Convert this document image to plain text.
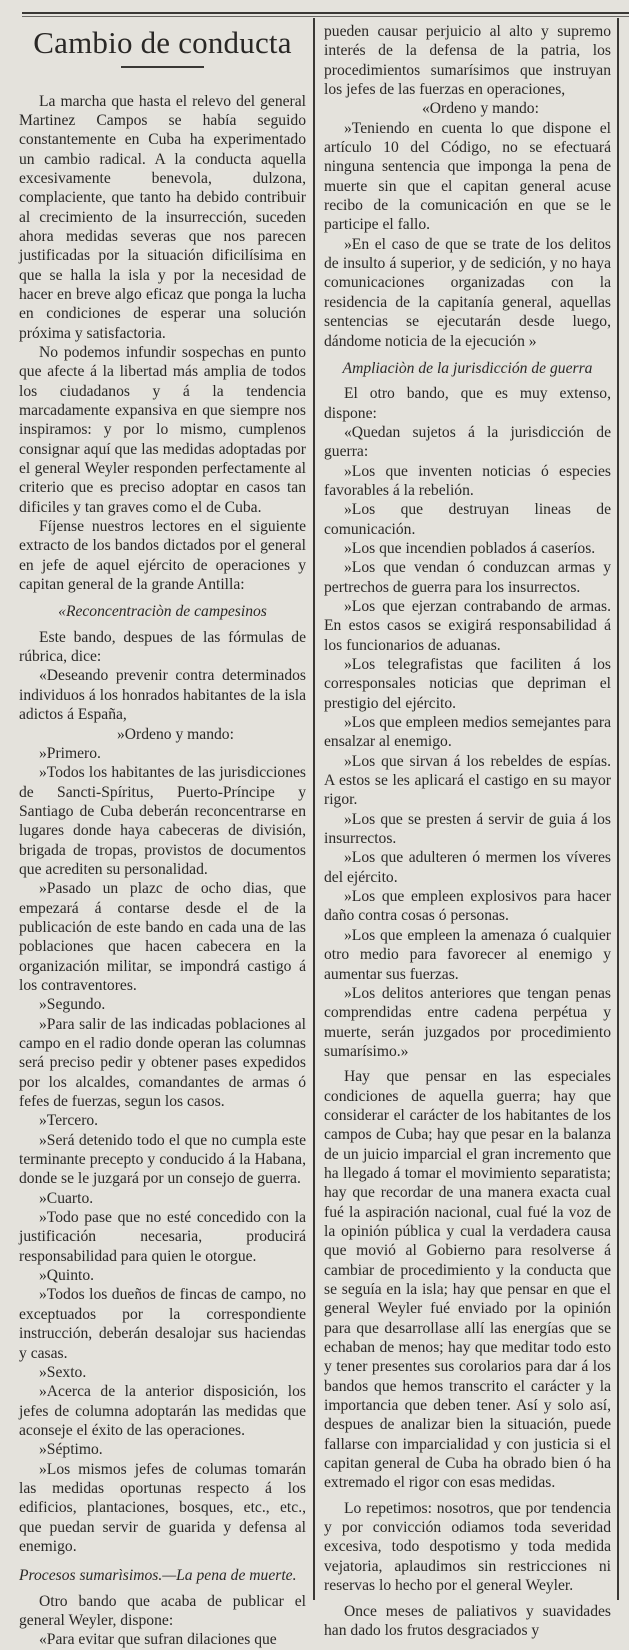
Cambio de conducta
La marcha que hasta el relevo del general Martinez Campos se había seguido constantemente en Cuba ha experimentado un cambio radical. A la conducta aquella excesivamente benevola, dulzona, complaciente, que tanto ha debido contribuir al crecimiento de la insurrección, suceden ahora medidas severas que nos parecen justificadas por la situación dificilísima en que se halla la isla y por la necesidad de hacer en breve algo eficaz que ponga la lucha en condiciones de esperar una solución próxima y satisfactoria.
No podemos infundir sospechas en punto que afecte á la libertad más amplia de todos los ciudadanos y á la tendencia marcadamente expansiva en que siempre nos inspiramos: y por lo mismo, cumplenos consignar aquí que las medidas adoptadas por el general Weyler responden perfectamente al criterio que es preciso adoptar en casos tan dificiles y tan graves como el de Cuba.
Fíjense nuestros lectores en el siguiente extracto de los bandos dictados por el general en jefe de aquel ejército de operaciones y capitan general de la grande Antilla:
«Reconcentraciòn de campesinos
Este bando, despues de las fórmulas de rúbrica, dice:
«Deseando prevenir contra determinados individuos á los honrados habitantes de la isla adictos á España,
»Ordeno y mando:
»Primero.
»Todos los habitantes de las jurisdicciones de Sancti-Spíritus, Puerto-Príncipe y Santiago de Cuba deberán reconcentrarse en lugares donde haya cabeceras de división, brigada de tropas, provistos de documentos que acrediten su personalidad.
»Pasado un plazc de ocho dias, que empezará á contarse desde el de la publicación de este bando en cada una de las poblaciones que hacen cabecera en la organización militar, se impondrá castigo á los contraventores.
»Segundo.
»Para salir de las indicadas poblaciones al campo en el radio donde operan las columnas será preciso pedir y obtener pases expedidos por los alcaldes, comandantes de armas ó fefes de fuerzas, segun los casos.
»Tercero.
»Será detenido todo el que no cumpla este terminante precepto y conducido á la Habana, donde se le juzgará por un consejo de guerra.
»Cuarto.
»Todo pase que no esté concedido con la justificación necesaria, producirá responsabilidad para quien le otorgue.
»Quinto.
»Todos los dueños de fincas de campo, no exceptuados por la correspondiente instrucción, deberán desalojar sus haciendas y casas.
»Sexto.
»Acerca de la anterior disposición, los jefes de columna adoptarán las medidas que aconseje el éxito de las operaciones.
»Séptimo.
»Los mismos jefes de columas tomarán las medidas oportunas respecto á los edificios, plantaciones, bosques, etc., etc., que puedan servir de guarida y defensa al enemigo.
Procesos sumarìsimos.—La pena de muerte.
Otro bando que acaba de publicar el general Weyler, dispone:
«Para evitar que sufran dilaciones que
pueden causar perjuicio al alto y supremo interés de la defensa de la patria, los procedimientos sumarísimos que instruyan los jefes de las fuerzas en operaciones,
«Ordeno y mando:
»Teniendo en cuenta lo que dispone el artículo 10 del Código, no se efectuará ninguna sentencia que imponga la pena de muerte sin que el capitan general acuse recibo de la comunicación en que se le participe el fallo.
»En el caso de que se trate de los delitos de insulto á superior, y de sedición, y no haya comunicaciones organizadas con la residencia de la capitanía general, aquellas sentencias se ejecutarán desde luego, dándome noticia de la ejecución »
Ampliaciòn de la jurisdicción de guerra
El otro bando, que es muy extenso, dispone:
«Quedan sujetos á la jurisdicción de guerra:
»Los que inventen noticias ó especies favorables á la rebelión.
»Los que destruyan lineas de comunicación.
»Los que incendien poblados á caseríos.
»Los que vendan ó conduzcan armas y pertrechos de guerra para los insurrectos.
»Los que ejerzan contrabando de armas. En estos casos se exigirá responsabilidad á los funcionarios de aduanas.
»Los telegrafistas que faciliten á los corresponsales noticias que depriman el prestigio del ejército.
»Los que empleen medios semejantes para ensalzar al enemigo.
»Los que sirvan á los rebeldes de espías. A estos se les aplicará el castigo en su mayor rigor.
»Los que se presten á servir de guia á los insurrectos.
»Los que adulteren ó mermen los víveres del ejército.
»Los que empleen explosivos para hacer daño contra cosas ó personas.
»Los que empleen la amenaza ó cualquier otro medio para favorecer al enemigo y aumentar sus fuerzas.
»Los delitos anteriores que tengan penas comprendidas entre cadena perpétua y muerte, serán juzgados por procedimiento sumarísimo.»
Hay que pensar en las especiales condiciones de aquella guerra; hay que considerar el carácter de los habitantes de los campos de Cuba; hay que pesar en la balanza de un juicio imparcial el gran incremento que ha llegado á tomar el movimiento separatista; hay que recordar de una manera exacta cual fué la aspiración nacional, cual fué la voz de la opinión pública y cual la verdadera causa que movió al Gobierno para resolverse á cambiar de procedimiento y la conducta que se seguía en la isla; hay que pensar en que el general Weyler fué enviado por la opinión para que desarrollase allí las energías que se echaban de menos; hay que meditar todo esto y tener presentes sus corolarios para dar á los bandos que hemos transcrito el carácter y la importancia que deben tener. Así y solo así, despues de analizar bien la situación, puede fallarse con imparcialidad y con justicia si el capitan general de Cuba ha obrado bien ó ha extremado el rigor con esas medidas.
Lo repetimos: nosotros, que por tendencia y por convicción odiamos toda severidad excesiva, todo despotismo y toda medida vejatoria, aplaudimos sin restricciones ni reservas lo hecho por el general Weyler.
Once meses de paliativos y suavidades han dado los frutos desgraciados y
